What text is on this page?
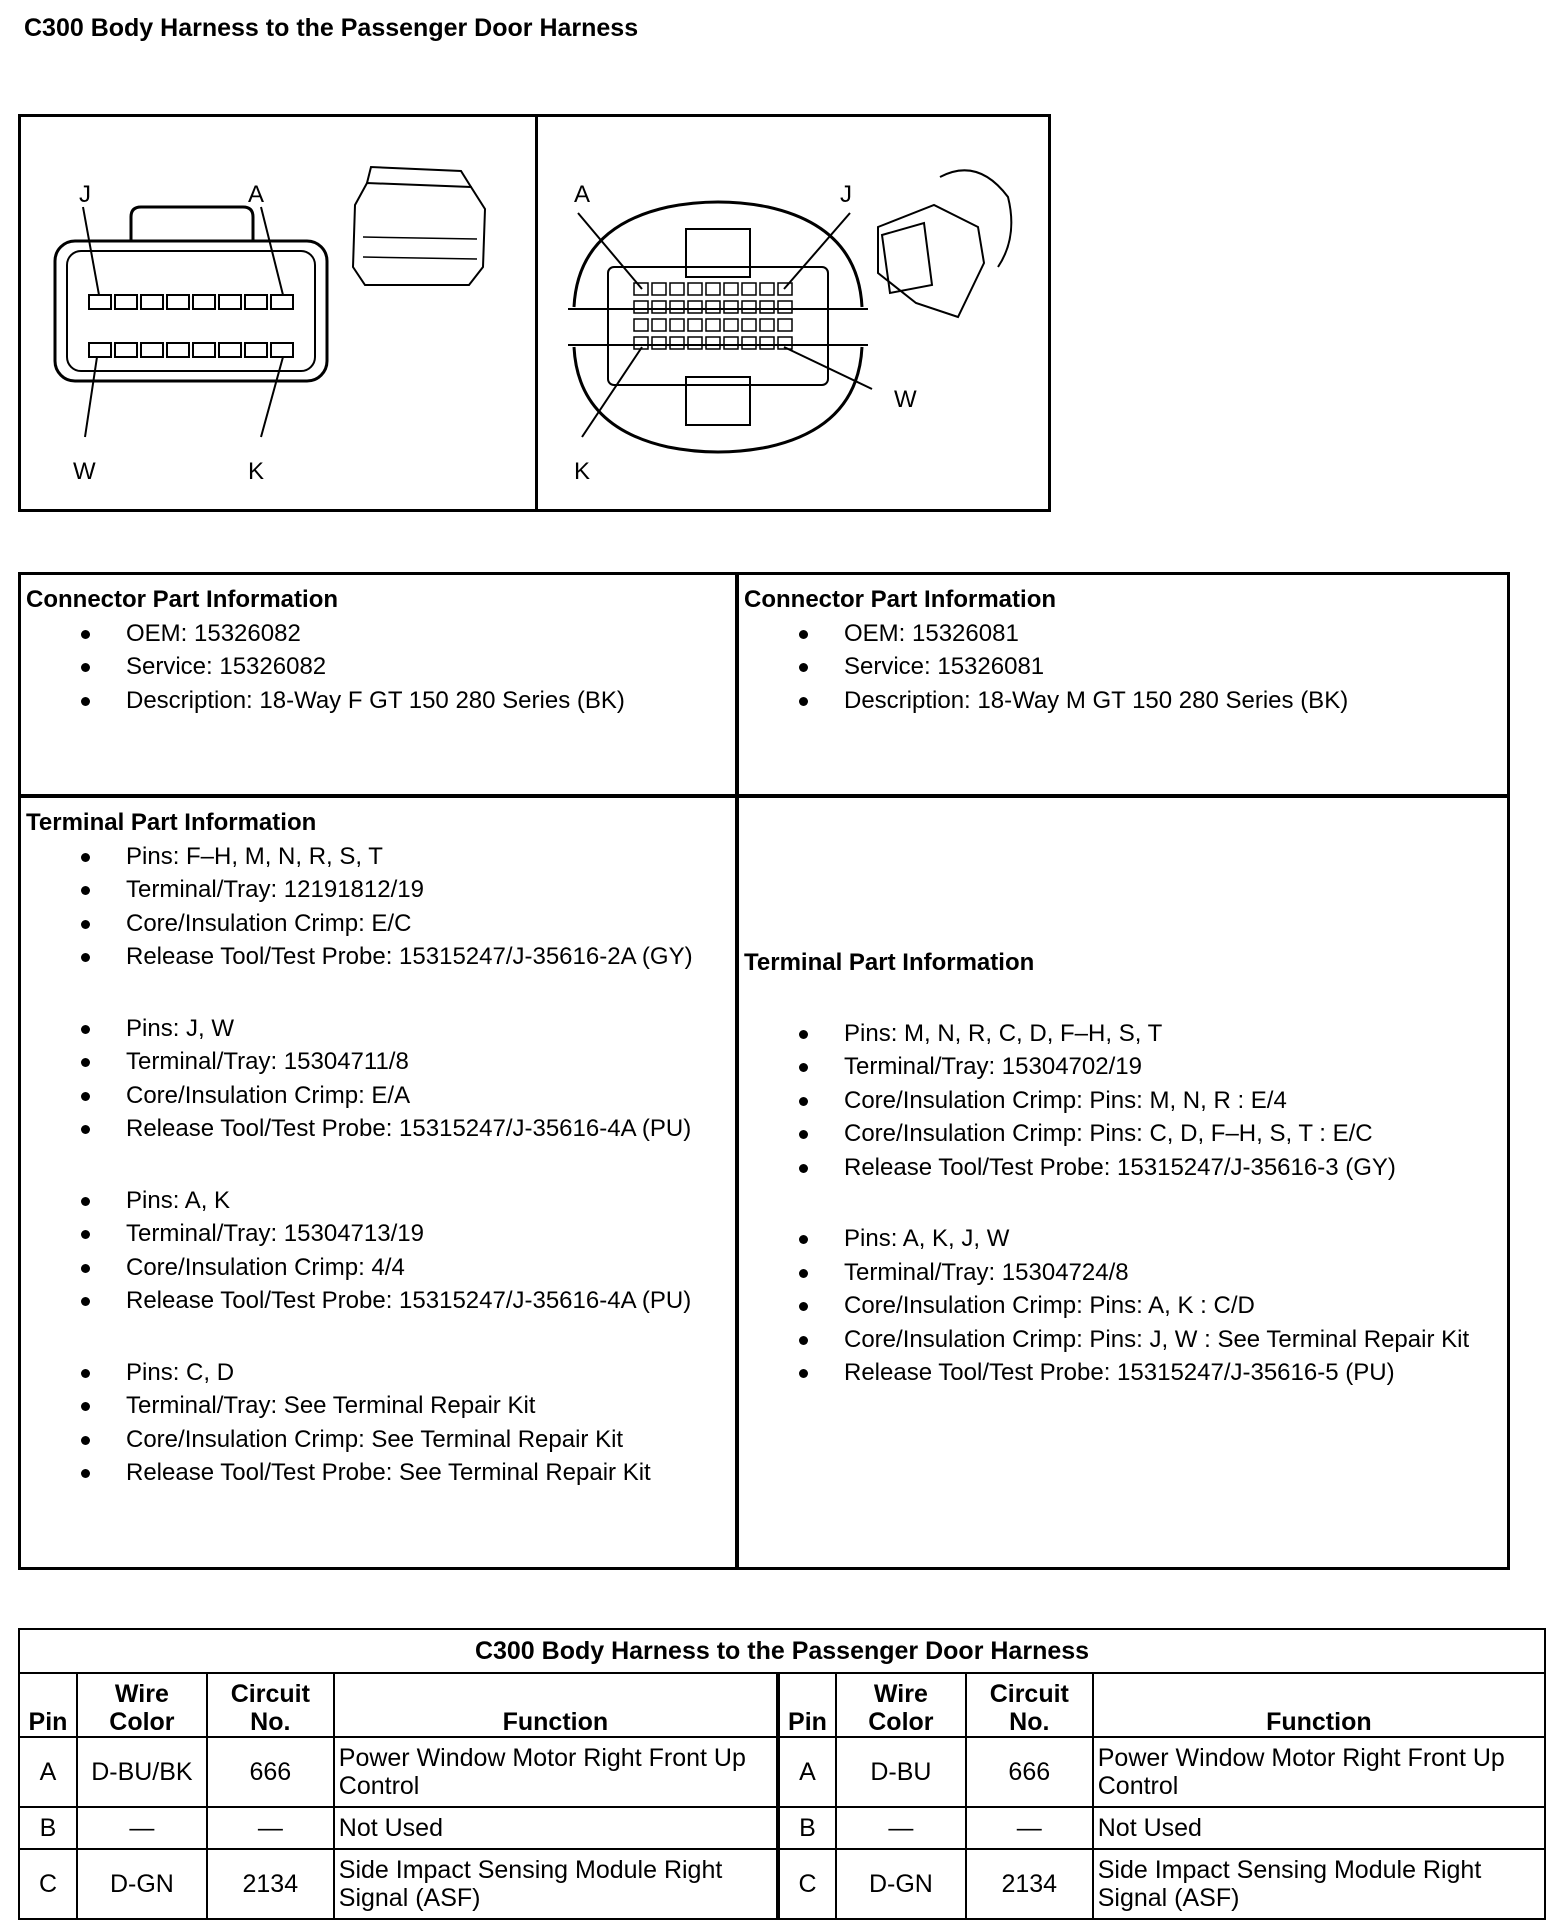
C300 Body Harness to the Passenger Door Harness
J	A
W	K
A	J
W
K
Connector Part Information
OEM: 15326082
Service: 15326082
Description: 18-Way F GT 150 280 Series (BK)
Connector Part Information
OEM: 15326081
Service: 15326081
Description: 18-Way M GT 150 280 Series (BK)
Terminal Part Information
Pins: F–H, M, N, R, S, T
Terminal/Tray: 12191812/19
Core/Insulation Crimp: E/C
Release Tool/Test Probe: 15315247/J-35616-2A (GY)
Pins: J, W
Terminal/Tray: 15304711/8
Core/Insulation Crimp: E/A
Release Tool/Test Probe: 15315247/J-35616-4A (PU)
Pins: A, K
Terminal/Tray: 15304713/19
Core/Insulation Crimp: 4/4
Release Tool/Test Probe: 15315247/J-35616-4A (PU)
Pins: C, D
Terminal/Tray: See Terminal Repair Kit
Core/Insulation Crimp: See Terminal Repair Kit
Release Tool/Test Probe: See Terminal Repair Kit
Terminal Part Information
Pins: M, N, R, C, D, F–H, S, T
Terminal/Tray: 15304702/19
Core/Insulation Crimp: Pins: M, N, R : E/4
Core/Insulation Crimp: Pins: C, D, F–H, S, T : E/C
Release Tool/Test Probe: 15315247/J-35616-3 (GY)
Pins: A, K, J, W
Terminal/Tray: 15304724/8
Core/Insulation Crimp: Pins: A, K : C/D
Core/Insulation Crimp: Pins: J, W : See Terminal Repair Kit
Release Tool/Test Probe: 15315247/J-35616-5 (PU)
C300 Body Harness to the Passenger Door Harness							
Pin	Wire Color	Circuit No.	Function	Pin	Wire Color	Circuit No.	Function
A	D-BU/BK	666	Power Window Motor Right Front Up Control	A	D-BU	666	Power Window Motor Right Front Up Control
B	—	—	Not Used	B	—	—	Not Used
C	D-GN	2134	Side Impact Sensing Module Right Signal (ASF)	C	D-GN	2134	Side Impact Sensing Module Right Signal (ASF)
